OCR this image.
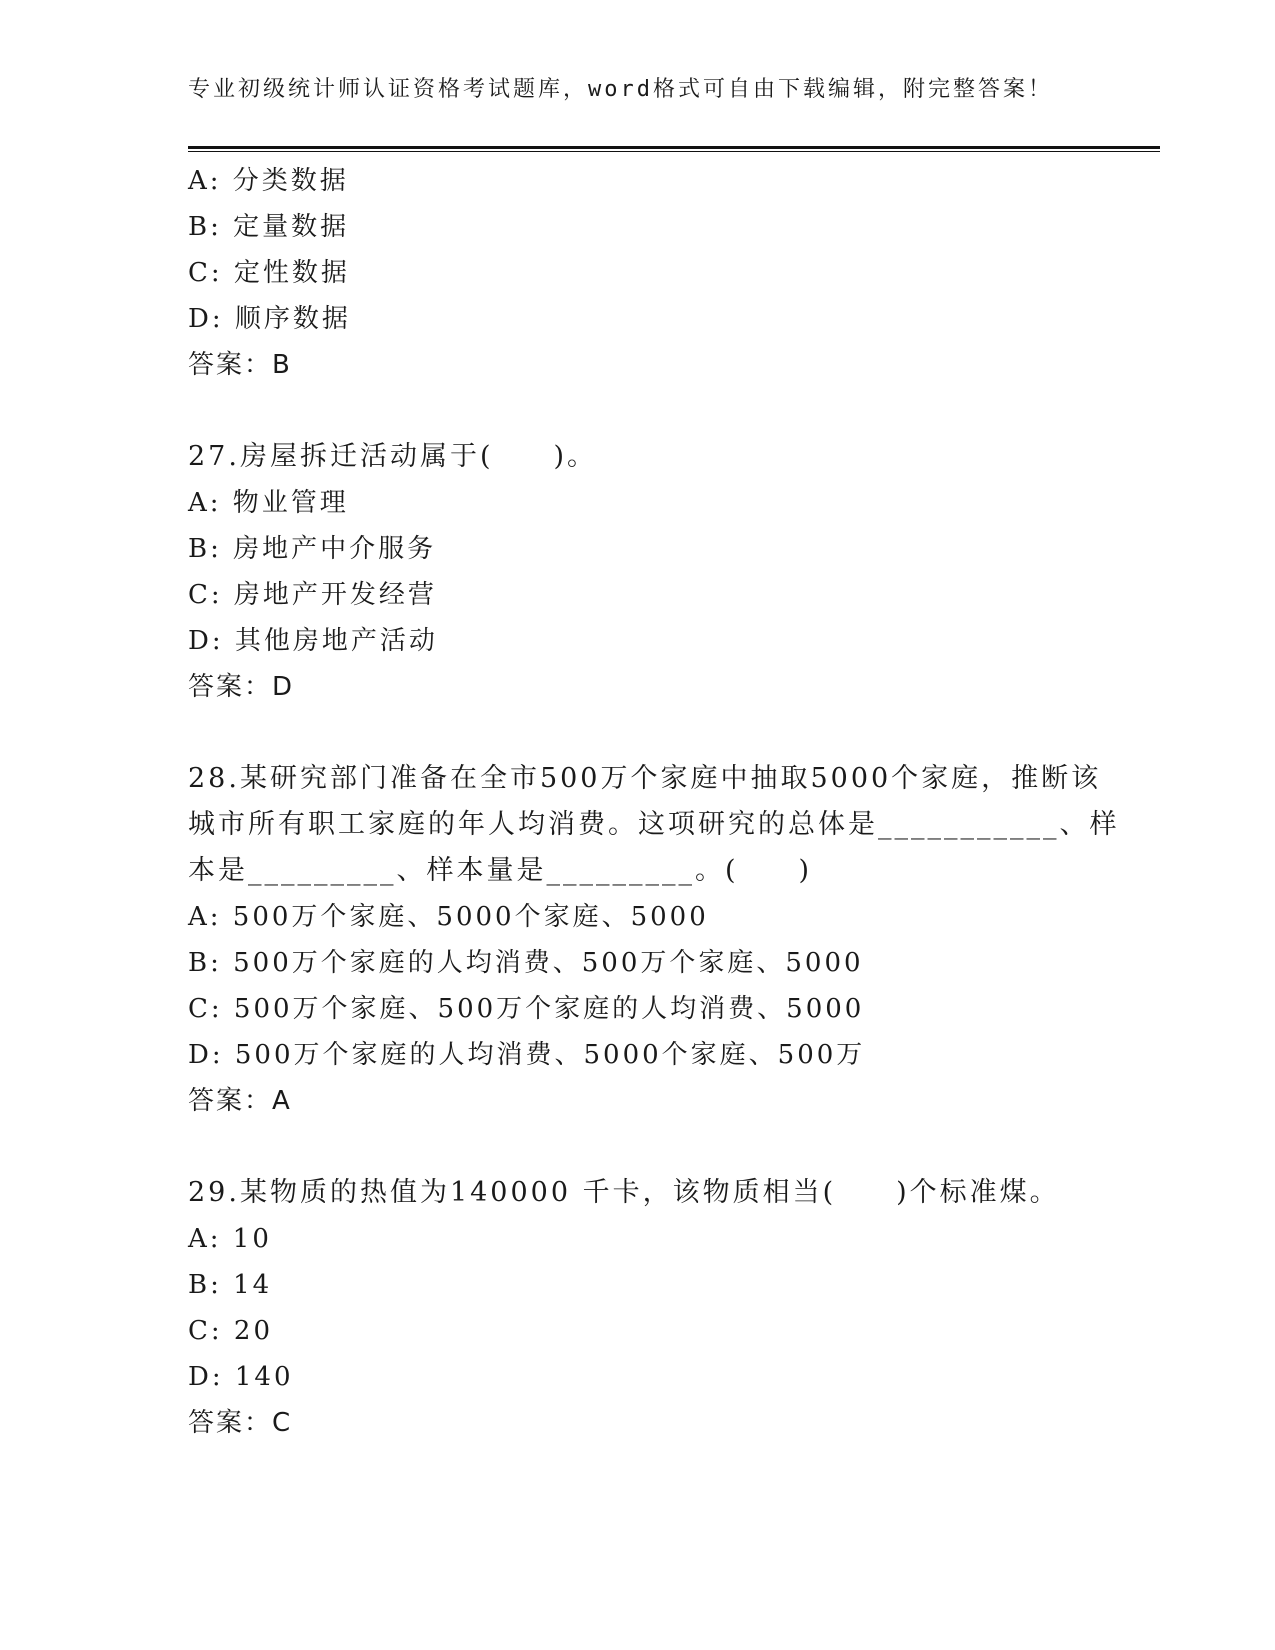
专业初级统计师认证资格考试题库，word格式可自由下载编辑，附完整答案！
A: 分类数据
B: 定量数据
C: 定性数据
D: 顺序数据
答案：B
27.房屋拆迁活动属于(　　)。
A: 物业管理
B: 房地产中介服务
C: 房地产开发经营
D: 其他房地产活动
答案：D
28.某研究部门准备在全市500万个家庭中抽取5000个家庭，推断该
城市所有职工家庭的年人均消费。这项研究的总体是___________、样
本是_________、样本量是_________。(　　)
A: 500万个家庭、5000个家庭、5000
B: 500万个家庭的人均消费、500万个家庭、5000
C: 500万个家庭、500万个家庭的人均消费、5000
D: 500万个家庭的人均消费、5000个家庭、500万
答案：A
29.某物质的热值为140000 千卡，该物质相当(　　)个标准煤。
A: 10
B: 14
C: 20
D: 140
答案：C
